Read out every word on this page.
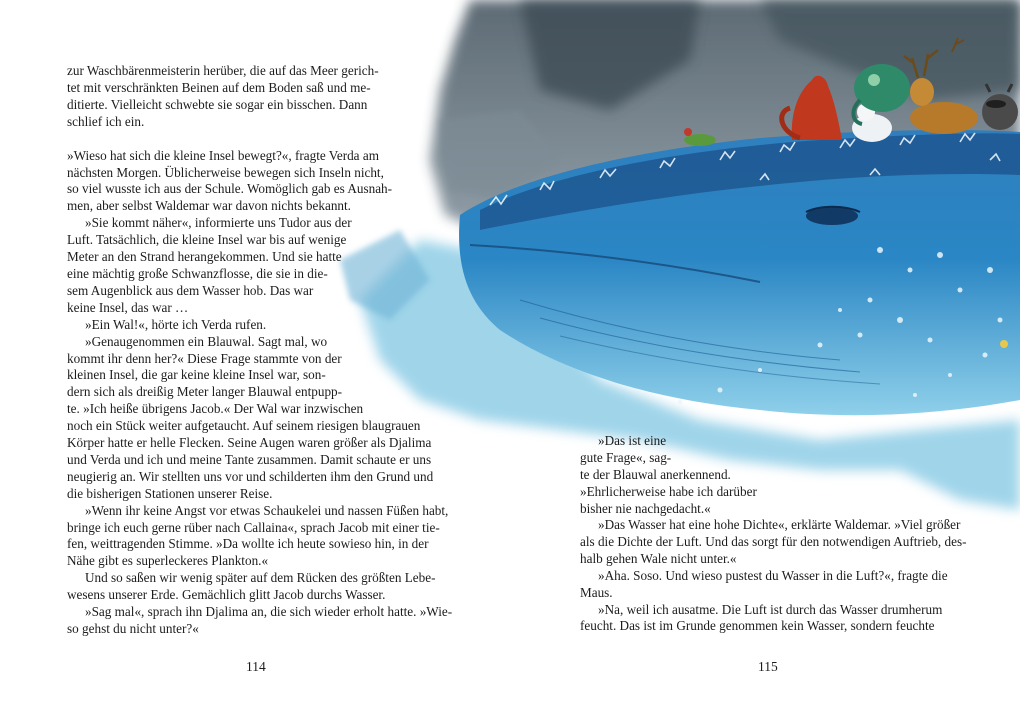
zur Waschbärenmeisterin herüber, die auf das Meer gerich-
tet mit verschränkten Beinen auf dem Boden saß und me-
ditierte. Vielleicht schwebte sie sogar ein bisschen. Dann
schlief ich ein.
»Wieso hat sich die kleine Insel bewegt?«, fragte Verda am
nächsten Morgen. Üblicherweise bewegen sich Inseln nicht,
so viel wusste ich aus der Schule. Womöglich gab es Ausnah-
men, aber selbst Waldemar war davon nichts bekannt.
»Sie kommt näher«, informierte uns Tudor aus der
Luft. Tatsächlich, die kleine Insel war bis auf wenige
Meter an den Strand herangekommen. Und sie hatte
eine mächtig große Schwanzflosse, die sie in die-
sem Augenblick aus dem Wasser hob. Das war
keine Insel, das war …
»Ein Wal!«, hörte ich Verda rufen.
»Genaugenommen ein Blauwal. Sagt mal, wo
kommt ihr denn her?« Diese Frage stammte von der
kleinen Insel, die gar keine kleine Insel war, son-
dern sich als dreißig Meter langer Blauwal entpupp-
te. »Ich heiße übrigens Jacob.« Der Wal war inzwischen
noch ein Stück weiter aufgetaucht. Auf seinem riesigen blaugrauen
Körper hatte er helle Flecken. Seine Augen waren größer als Djalima
und Verda und ich und meine Tante zusammen. Damit schaute er uns
neugierig an. Wir stellten uns vor und schilderten ihm den Grund und
die bisherigen Stationen unserer Reise.
»Wenn ihr keine Angst vor etwas Schaukelei und nassen Füßen habt,
bringe ich euch gerne rüber nach Callaina«, sprach Jacob mit einer tie-
fen, weittragenden Stimme. »Da wollte ich heute sowieso hin, in der
Nähe gibt es superleckeres Plankton.«
Und so saßen wir wenig später auf dem Rücken des größten Lebe-
wesens unserer Erde. Gemächlich glitt Jacob durchs Wasser.
»Sag mal«, sprach ihn Djalima an, die sich wieder erholt hatte. »Wie-
so gehst du nicht unter?«
»Das ist eine
gute Frage«, sag-
te der Blauwal anerkennend.
»Ehrlicherweise habe ich darüber
bisher nie nachgedacht.«
»Das Wasser hat eine hohe Dichte«, erklärte Waldemar. »Viel größer
als die Dichte der Luft. Und das sorgt für den notwendigen Auftrieb, des-
halb gehen Wale nicht unter.«
»Aha. Soso. Und wieso pustest du Wasser in die Luft?«, fragte die
Maus.
»Na, weil ich ausatme. Die Luft ist durch das Wasser drumherum
feucht. Das ist im Grunde genommen kein Wasser, sondern feuchte
114	115
